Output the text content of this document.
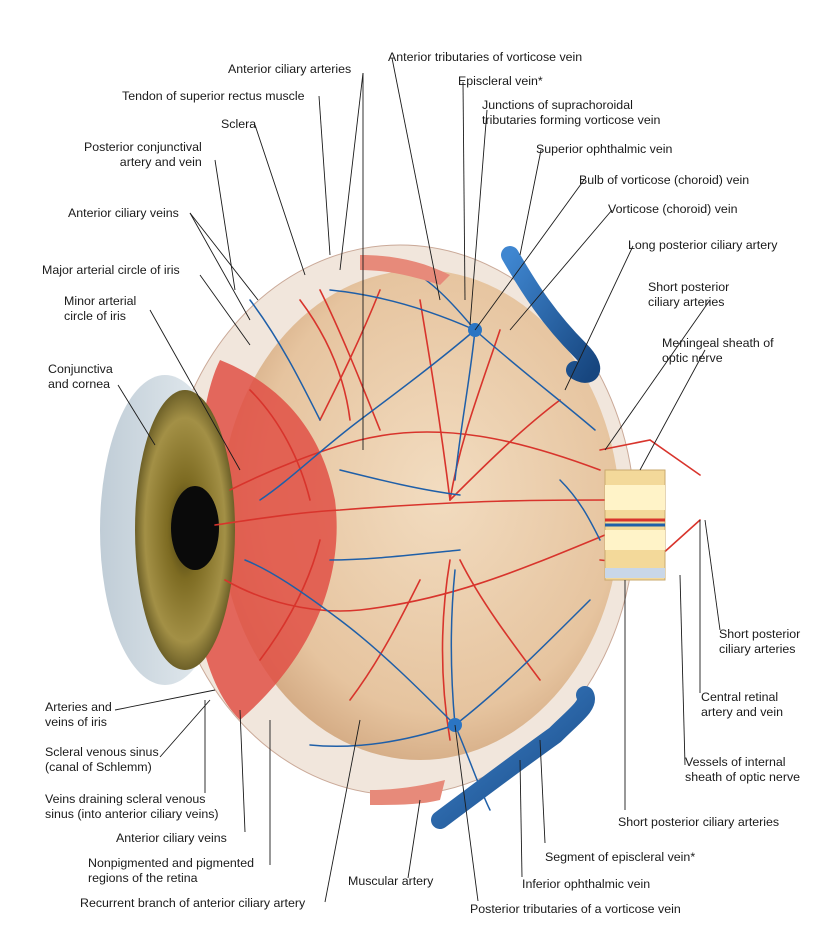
Anterior ciliary arteries
Tendon of superior rectus muscle
Sclera
Posterior conjunctival
artery and vein
Anterior ciliary veins
Major arterial circle of iris
Minor arterial
circle of iris
Conjunctiva
and cornea
Arteries and
veins of iris
Scleral venous sinus
(canal of Schlemm)
Veins draining scleral venous
sinus (into anterior ciliary veins)
Anterior ciliary veins
Nonpigmented and pigmented
regions of the retina
Recurrent branch of anterior ciliary artery
Muscular artery
Posterior tributaries of a vorticose vein
Inferior ophthalmic vein
Segment of episcleral vein*
Short posterior ciliary arteries
Vessels of internal
sheath of optic nerve
Central retinal
artery and vein
Short posterior
ciliary arteries
Meningeal sheath of
optic nerve
Short posterior
ciliary arteries
Long posterior ciliary artery
Vorticose (choroid) vein
Bulb of vorticose (choroid) vein
Superior ophthalmic vein
Junctions of suprachoroidal
tributaries forming vorticose vein
Episcleral vein*
Anterior tributaries of vorticose vein
